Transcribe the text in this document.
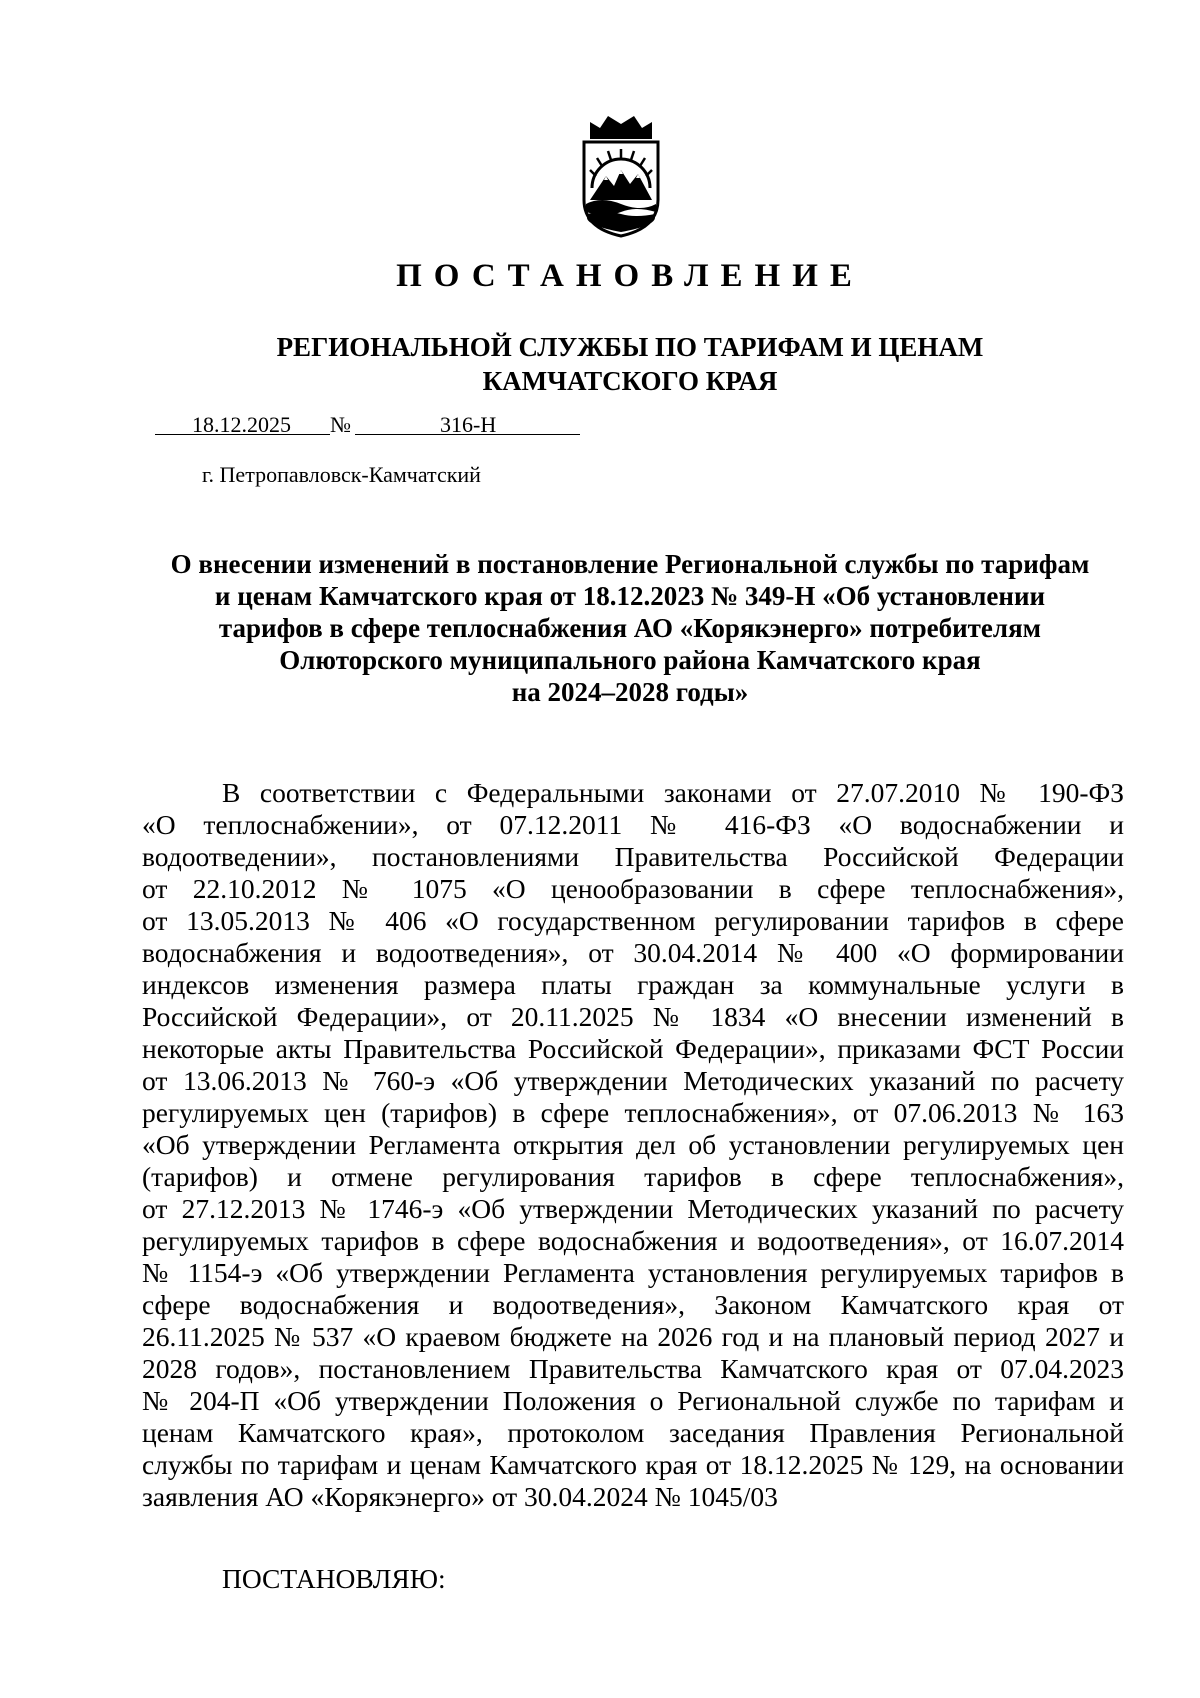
ПОСТАНОВЛЕНИЕ
РЕГИОНАЛЬНОЙ СЛУЖБЫ ПО ТАРИФАМ И ЦЕНАМ
КАМЧАТСКОГО КРАЯ
18.12.2025 №	316-Н
г. Петропавловск-Камчатский
О внесении изменений в постановление Региональной службы по тарифам
и ценам Камчатского края от 18.12.2023 № 349-Н «Об установлении
тарифов в сфере теплоснабжения АО «Корякэнерго» потребителям
Олюторского муниципального района Камчатского края
на 2024–2028 годы»
В соответствии с Федеральными законами от 27.07.2010 № 190-ФЗ
«О теплоснабжении», от 07.12.2011 № 416-ФЗ «О водоснабжении и
водоотведении», постановлениями Правительства Российской Федерации
от 22.10.2012 № 1075 «О ценообразовании в сфере теплоснабжения»,
от 13.05.2013 № 406 «О государственном регулировании тарифов в сфере
водоснабжения и водоотведения», от 30.04.2014 № 400 «О формировании
индексов изменения размера платы граждан за коммунальные услуги в
Российской Федерации», от 20.11.2025 № 1834 «О внесении изменений в
некоторые акты Правительства Российской Федерации», приказами ФСТ России
от 13.06.2013 № 760-э «Об утверждении Методических указаний по расчету
регулируемых цен (тарифов) в сфере теплоснабжения», от 07.06.2013 № 163
«Об утверждении Регламента открытия дел об установлении регулируемых цен
(тарифов) и отмене регулирования тарифов в сфере теплоснабжения»,
от 27.12.2013 № 1746-э «Об утверждении Методических указаний по расчету
регулируемых тарифов в сфере водоснабжения и водоотведения», от 16.07.2014
№ 1154-э «Об утверждении Регламента установления регулируемых тарифов в
сфере водоснабжения и водоотведения», Законом Камчатского края от
26.11.2025 № 537 «О краевом бюджете на 2026 год и на плановый период 2027 и
2028 годов», постановлением Правительства Камчатского края от 07.04.2023
№ 204-П «Об утверждении Положения о Региональной службе по тарифам и
ценам Камчатского края», протоколом заседания Правления Региональной
службы по тарифам и ценам Камчатского края от 18.12.2025 № 129, на основании
заявления АО «Корякэнерго» от 30.04.2024 № 1045/03
ПОСТАНОВЛЯЮ:
